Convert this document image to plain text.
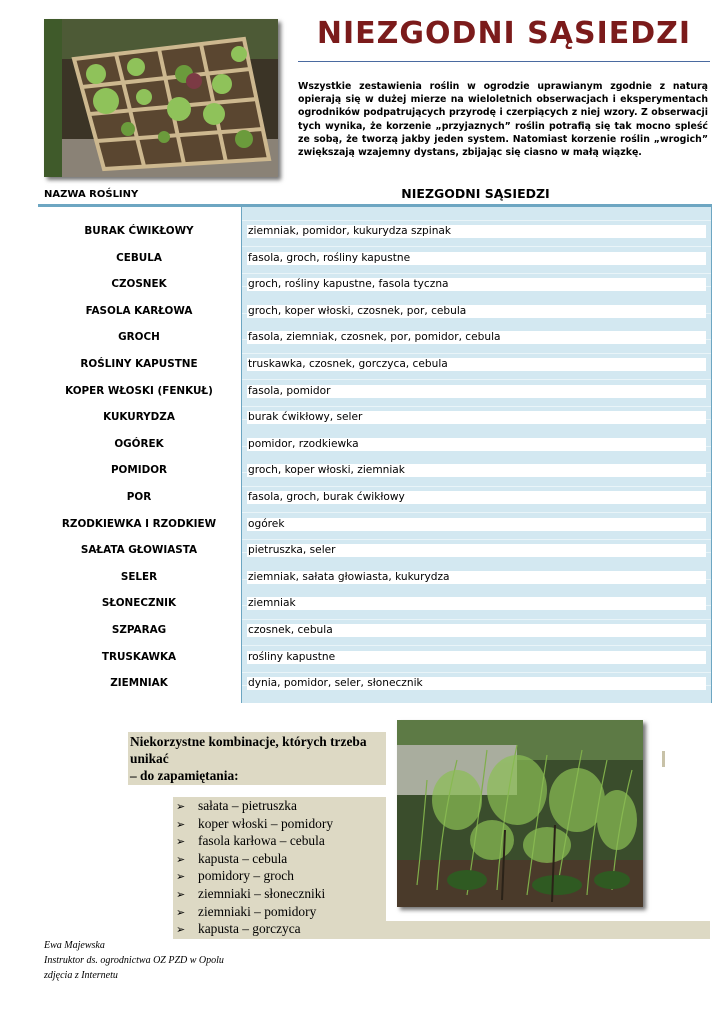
NIEZGODNI SĄSIEDZI

Wszystkie zestawienia roślin w ogrodzie uprawianym zgodnie z naturą opierają się w dużej mierze na wieloletnich obserwacjach i eksperymentach ogrodników podpatrujących przyrodę i czerpiących z niej wzory. Z obserwacji tych wynika, że korzenie „przyjaznych” roślin potrafią się tak mocno spleść ze sobą, że tworzą jakby jeden system. Natomiast korzenie roślin „wrogich” zwiększają wzajemny dystans, zbijając się ciasno w małą wiązkę.

NAZWA ROŚLINY	NIEZGODNI SĄSIEDZI
BURAK ĆWIKŁOWY	ziemniak, pomidor, kukurydza szpinak
CEBULA	fasola, groch, rośliny kapustne
CZOSNEK	groch, rośliny kapustne, fasola tyczna
FASOLA KARŁOWA	groch, koper włoski, czosnek, por, cebula
GROCH	fasola, ziemniak, czosnek, por, pomidor, cebula
ROŚLINY KAPUSTNE	truskawka, czosnek, gorczyca, cebula
KOPER WŁOSKI (FENKUŁ)	fasola, pomidor
KUKURYDZA	burak ćwikłowy, seler
OGÓREK	pomidor, rzodkiewka
POMIDOR	groch, koper włoski, ziemniak
POR	fasola, groch, burak ćwikłowy
RZODKIEWKA I RZODKIEW	ogórek
SAŁATA GŁOWIASTA	pietruszka, seler
SELER	ziemniak, sałata głowiasta, kukurydza
SŁONECZNIK	ziemniak
SZPARAG	czosnek, cebula
TRUSKAWKA	rośliny kapustne
ZIEMNIAK	dynia, pomidor, seler, słonecznik
Niekorzystne kombinacje, których trzeba
unikać
– do zapamiętania:
➢ sałata – pietruszka
➢ koper włoski – pomidory
➢ fasola karłowa – cebula
➢ kapusta – cebula
➢ pomidory – groch
➢ ziemniaki – słoneczniki
➢ ziemniaki – pomidory
➢ kapusta – gorczyca
Ewa Majewska
Instruktor ds. ogrodnictwa OZ PZD w Opolu
zdjęcia z Internetu
